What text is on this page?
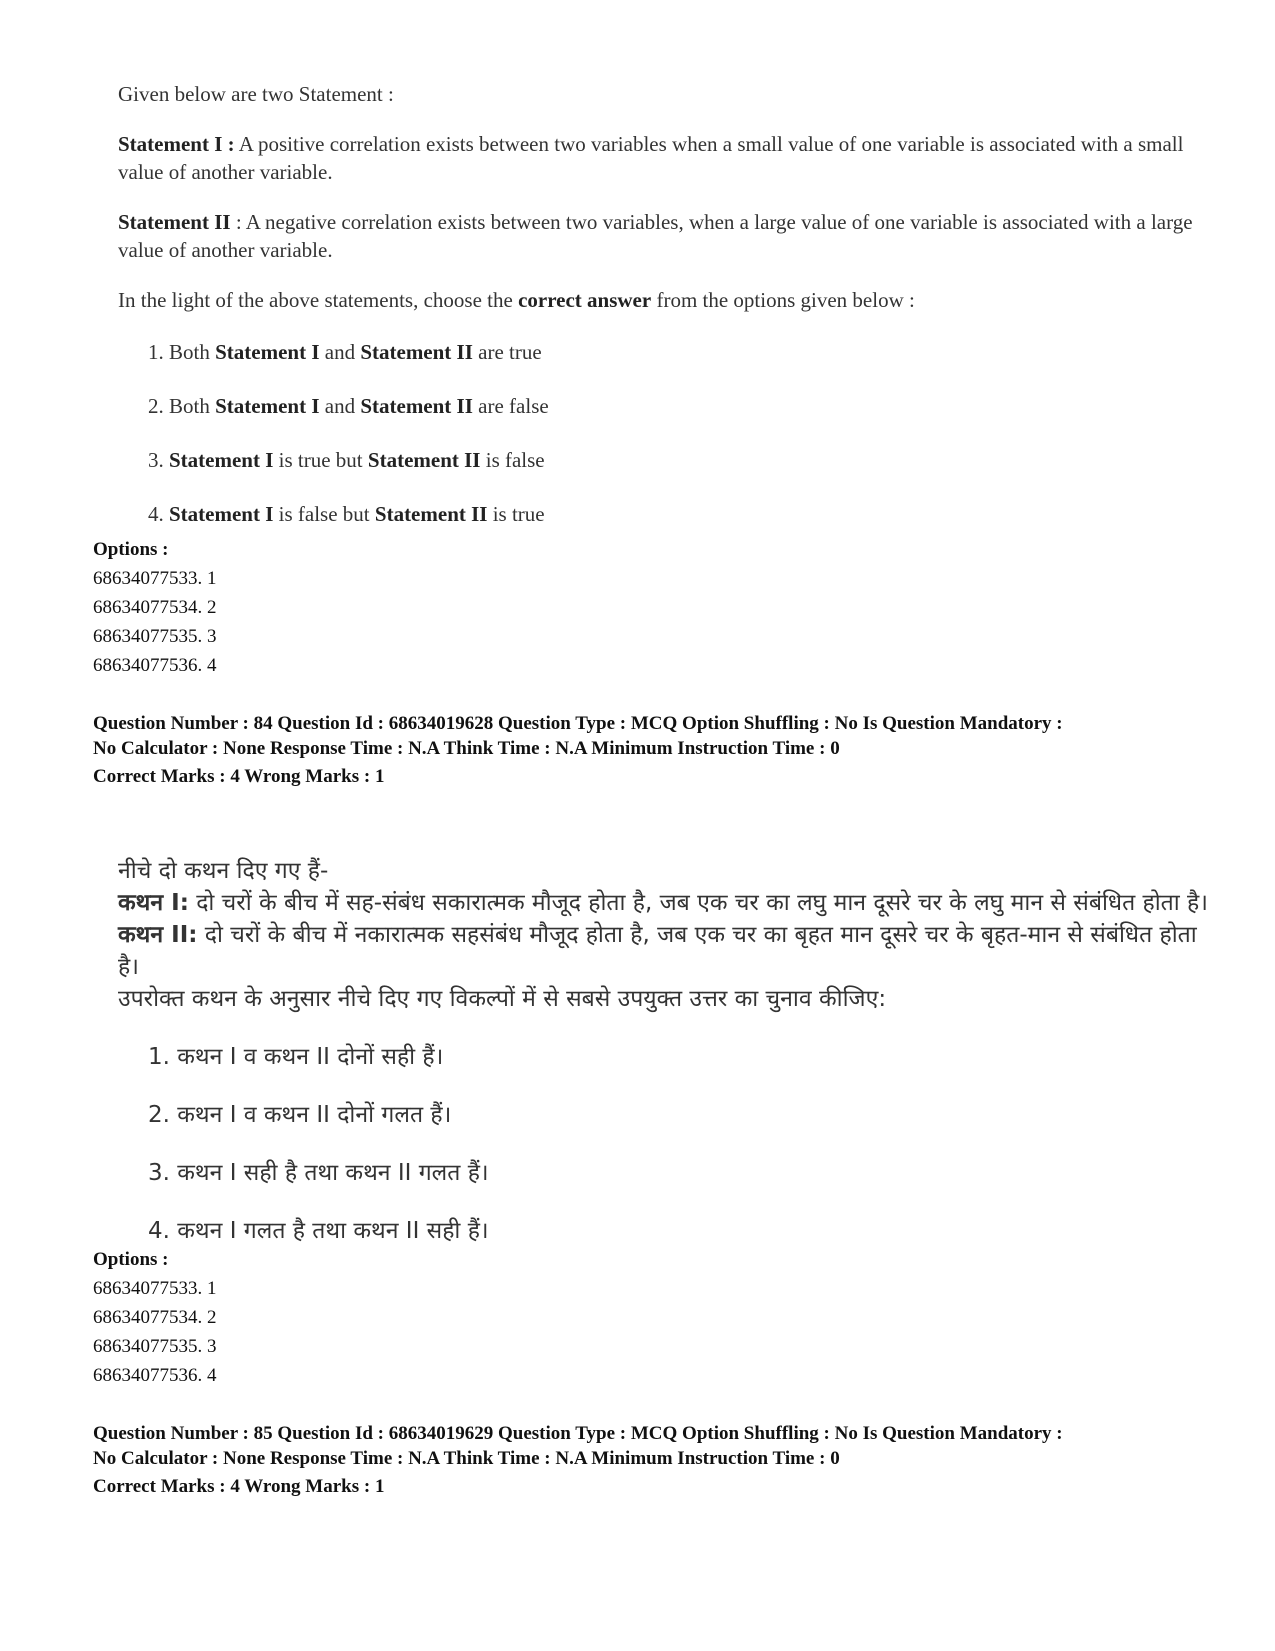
Given below are two Statement :

Statement I : A positive correlation exists between two variables when a small value of one variable is associated with a small value of another variable.

Statement II : A negative correlation exists between two variables, when a large value of one variable is associated with a large value of another variable.

In the light of the above statements, choose the correct answer from the options given below :

1. Both Statement I and Statement II are true
2. Both Statement I and Statement II are false
3. Statement I is true but Statement II is false
4. Statement I is false but Statement II is true
Options :
68634077533. 1
68634077534. 2
68634077535. 3
68634077536. 4
Question Number : 84 Question Id : 68634019628 Question Type : MCQ Option Shuffling : No Is Question Mandatory :
No Calculator : None Response Time : N.A Think Time : N.A Minimum Instruction Time : 0
Correct Marks : 4 Wrong Marks : 1

नीचे दो कथन दिए गए हैं-

कथन I: दो चरों के बीच में सह-संबंध सकारात्मक मौजूद होता है, जब एक चर का लघु मान दूसरे चर के लघु मान से संबंधित होता है।

कथन II: दो चरों के बीच में नकारात्मक सहसंबंध मौजूद होता है, जब एक चर का बृहत मान दूसरे चर के बृहत-मान से संबंधित होता है।

उपरोक्त कथन के अनुसार नीचे दिए गए विकल्पों में से सबसे उपयुक्त उत्तर का चुनाव कीजिए:

1. कथन I व कथन II दोनों सही हैं।
2. कथन I व कथन II दोनों गलत हैं।
3. कथन I सही है तथा कथन II गलत हैं।
4. कथन I गलत है तथा कथन II सही हैं।
Options :
68634077533. 1
68634077534. 2
68634077535. 3
68634077536. 4
Question Number : 85 Question Id : 68634019629 Question Type : MCQ Option Shuffling : No Is Question Mandatory :
No Calculator : None Response Time : N.A Think Time : N.A Minimum Instruction Time : 0
Correct Marks : 4 Wrong Marks : 1
